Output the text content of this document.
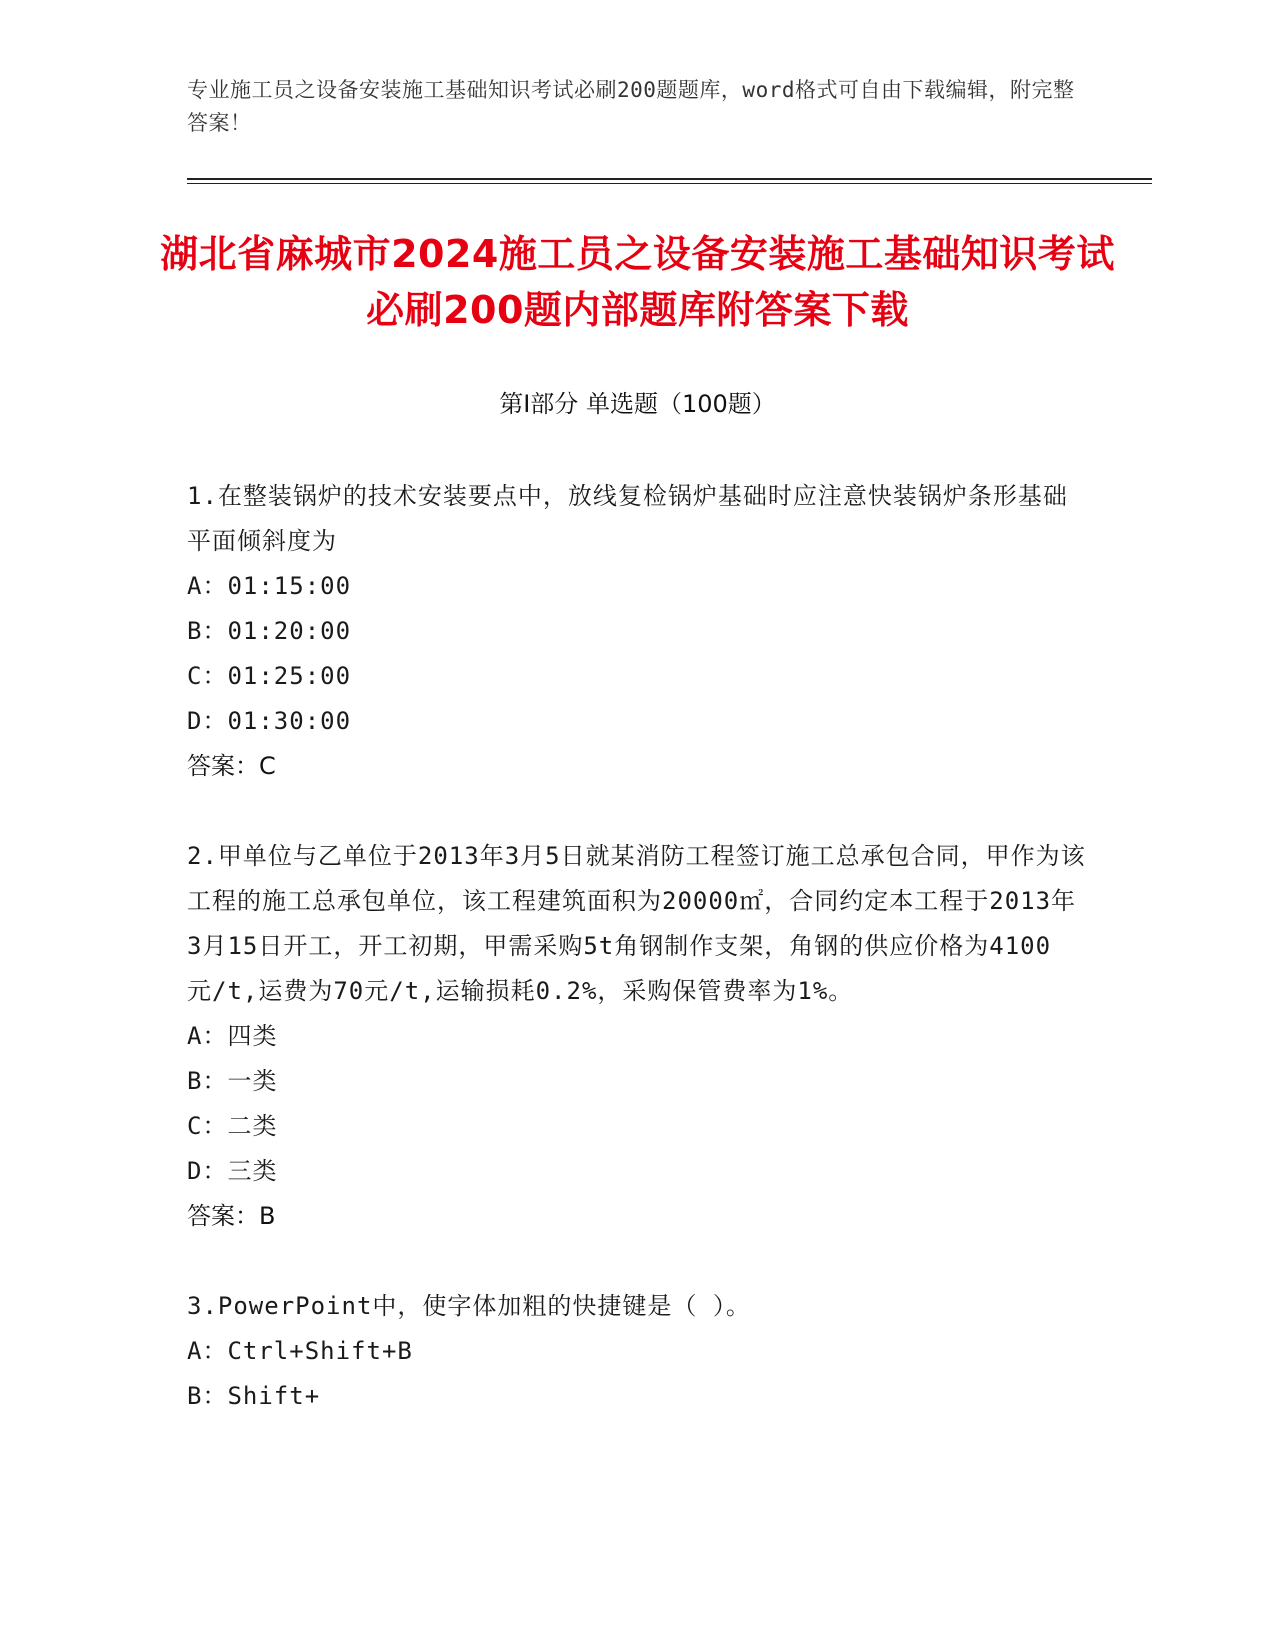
专业施工员之设备安装施工基础知识考试必刷200题题库，word格式可自由下载编辑，附完整答案！
湖北省麻城市2024施工员之设备安装施工基础知识考试必刷200题内部题库附答案下载
第Ⅰ部分 单选题（100题）

1.在整装锅炉的技术安装要点中，放线复检锅炉基础时应注意快装锅炉条形基础平面倾斜度为

A：01:15:00

B：01:20:00

C：01:25:00

D：01:30:00

答案：C

2.甲单位与乙单位于2013年3月5日就某消防工程签订施工总承包合同，甲作为该工程的施工总承包单位，该工程建筑面积为20000㎡，合同约定本工程于2013年3月15日开工，开工初期，甲需采购5t角钢制作支架，角钢的供应价格为4100元/t,运费为70元/t,运输损耗0.2%，采购保管费率为1%。

A：四类

B：一类

C：二类

D：三类

答案：B

3.PowerPoint中，使字体加粗的快捷键是（ ）。

A：Ctrl+Shift+B

B：Shift+
